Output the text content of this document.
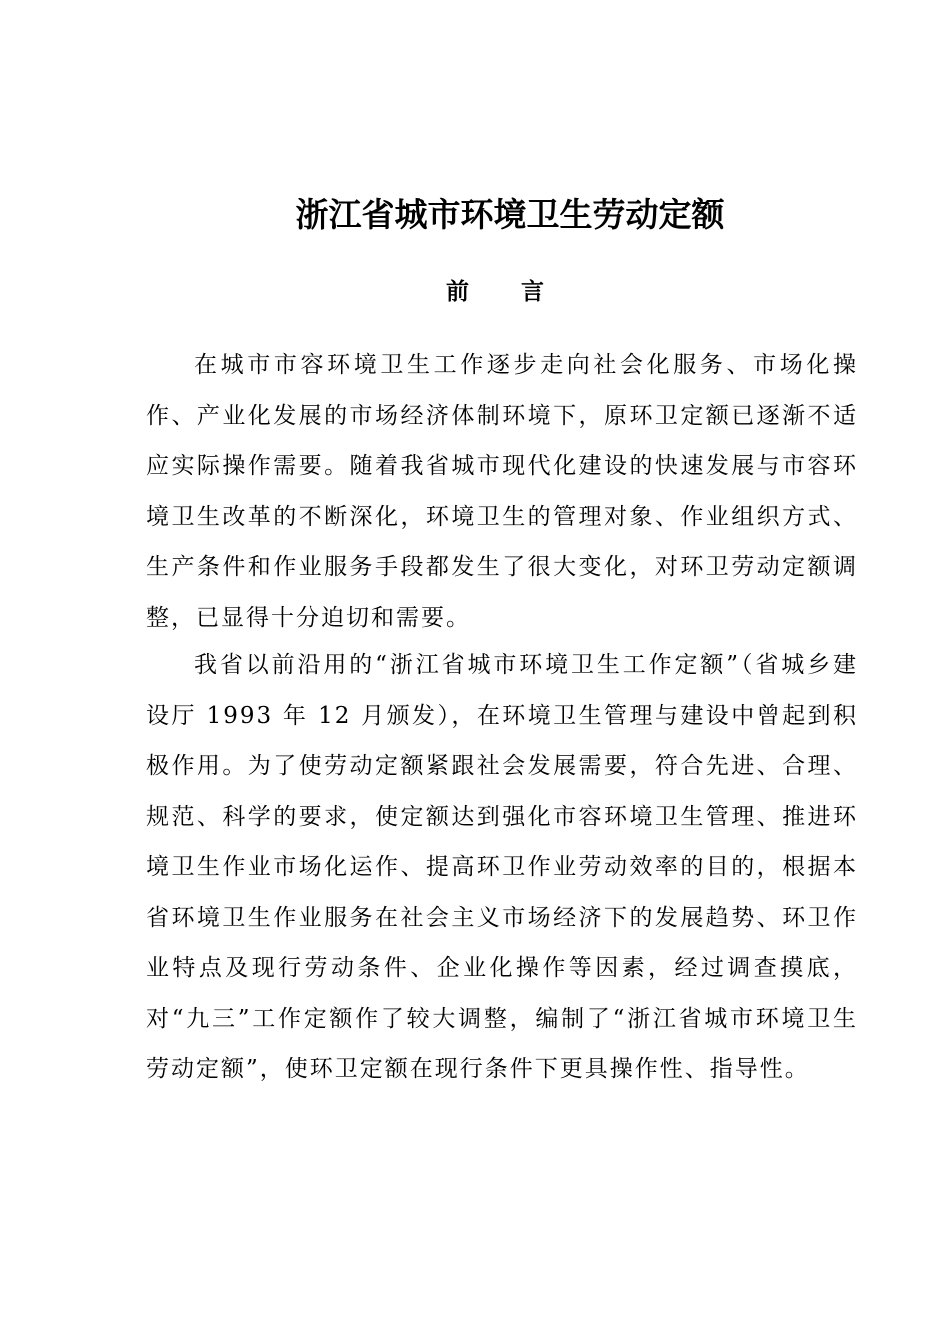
浙江省城市环境卫生劳动定额
前言

在城市市容环境卫生工作逐步走向社会化服务、市场化操作、产业化发展的市场经济体制环境下，原环卫定额已逐渐不适应实际操作需要。随着我省城市现代化建设的快速发展与市容环境卫生改革的不断深化，环境卫生的管理对象、作业组织方式、生产条件和作业服务手段都发生了很大变化，对环卫劳动定额调整，已显得十分迫切和需要。

我省以前沿用的“浙江省城市环境卫生工作定额”（省城乡建设厅 1993 年 12 月颁发），在环境卫生管理与建设中曾起到积极作用。为了使劳动定额紧跟社会发展需要，符合先进、合理、规范、科学的要求，使定额达到强化市容环境卫生管理、推进环境卫生作业市场化运作、提高环卫作业劳动效率的目的，根据本省环境卫生作业服务在社会主义市场经济下的发展趋势、环卫作业特点及现行劳动条件、企业化操作等因素，经过调查摸底，对“九三”工作定额作了较大调整，编制了“浙江省城市环境卫生劳动定额”，使环卫定额在现行条件下更具操作性、指导性。
